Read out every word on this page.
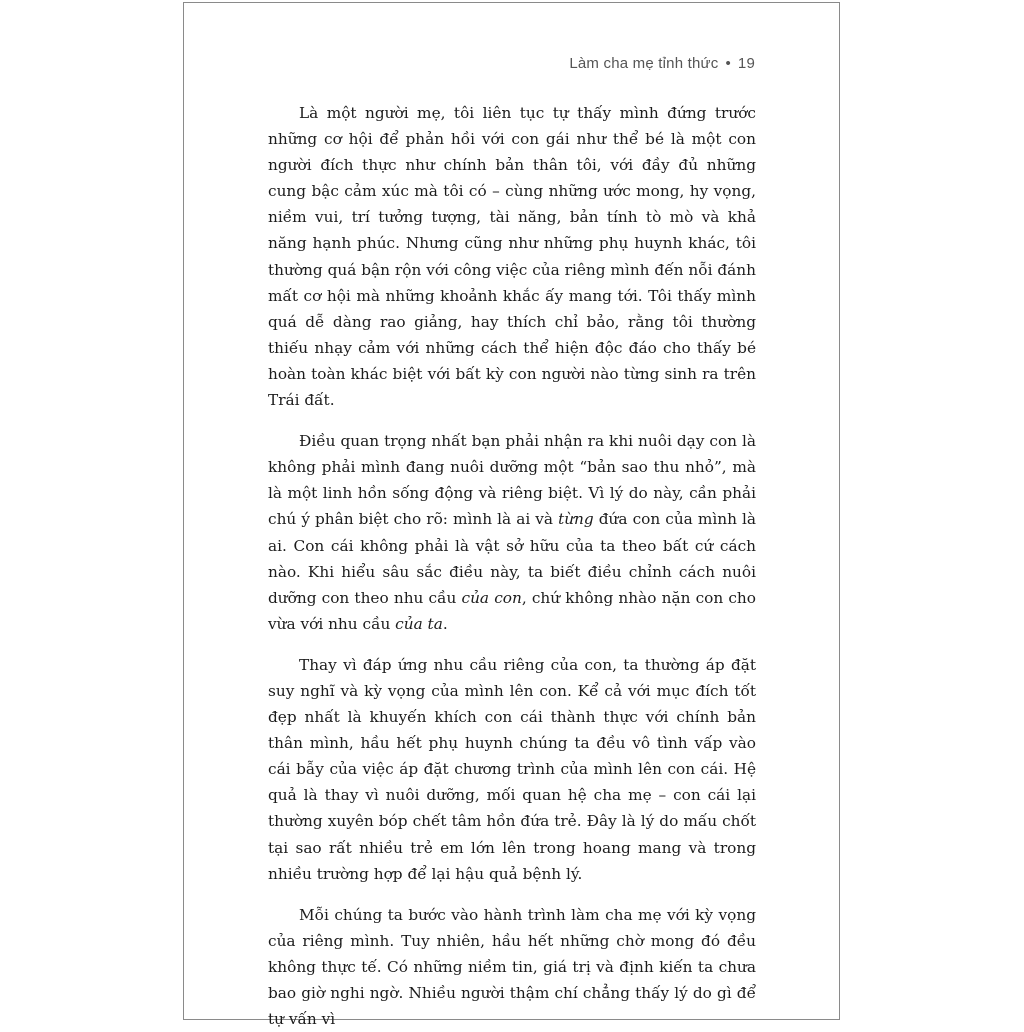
Làm cha mẹ tỉnh thức • 19

Là một người mẹ, tôi liên tục tự thấy mình đứng trước những cơ hội để phản hồi với con gái như thể bé là một con người đích thực như chính bản thân tôi, với đầy đủ những cung bậc cảm xúc mà tôi có – cùng những ước mong, hy vọng, niềm vui, trí tưởng tượng, tài năng, bản tính tò mò và khả năng hạnh phúc. Nhưng cũng như những phụ huynh khác, tôi thường quá bận rộn với công việc của riêng mình đến nỗi đánh mất cơ hội mà những khoảnh khắc ấy mang tới. Tôi thấy mình quá dễ dàng rao giảng, hay thích chỉ bảo, rằng tôi thường thiếu nhạy cảm với những cách thể hiện độc đáo cho thấy bé hoàn toàn khác biệt với bất kỳ con người nào từng sinh ra trên Trái đất.

Điều quan trọng nhất bạn phải nhận ra khi nuôi dạy con là không phải mình đang nuôi dưỡng một “bản sao thu nhỏ”, mà là một linh hồn sống động và riêng biệt. Vì lý do này, cần phải chú ý phân biệt cho rõ: mình là ai và từng đứa con của mình là ai. Con cái không phải là vật sở hữu của ta theo bất cứ cách nào. Khi hiểu sâu sắc điều này, ta biết điều chỉnh cách nuôi dưỡng con theo nhu cầu của con, chứ không nhào nặn con cho vừa với nhu cầu của ta.

Thay vì đáp ứng nhu cầu riêng của con, ta thường áp đặt suy nghĩ và kỳ vọng của mình lên con. Kể cả với mục đích tốt đẹp nhất là khuyến khích con cái thành thực với chính bản thân mình, hầu hết phụ huynh chúng ta đều vô tình vấp vào cái bẫy của việc áp đặt chương trình của mình lên con cái. Hệ quả là thay vì nuôi dưỡng, mối quan hệ cha mẹ – con cái lại thường xuyên bóp chết tâm hồn đứa trẻ. Đây là lý do mấu chốt tại sao rất nhiều trẻ em lớn lên trong hoang mang và trong nhiều trường hợp để lại hậu quả bệnh lý.

Mỗi chúng ta bước vào hành trình làm cha mẹ với kỳ vọng của riêng mình. Tuy nhiên, hầu hết những chờ mong đó đều không thực tế. Có những niềm tin, giá trị và định kiến ta chưa bao giờ nghi ngờ. Nhiều người thậm chí chẳng thấy lý do gì để tự vấn vì
